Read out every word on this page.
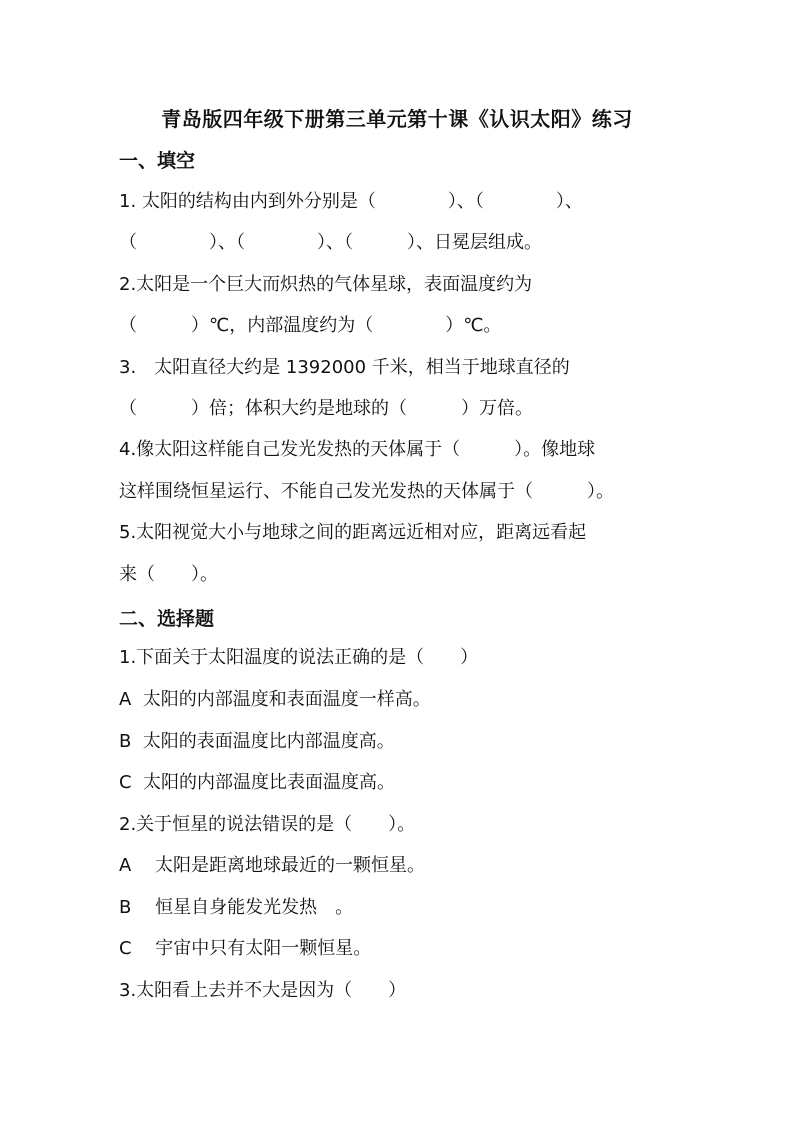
青岛版四年级下册第三单元第十课《认识太阳》练习
一、填空
1. 太阳的结构由内到外分别是（　　　　）、（　　　　）、
（　　　　）、（　　　　）、（　　　）、日冕层组成。
2.太阳是一个巨大而炽热的气体星球，表面温度约为
（　　　）℃，内部温度约为（　　　　）℃。
3.　太阳直径大约是 1392000 千米，相当于地球直径的
（　　　）倍；体积大约是地球的（　　　）万倍。
4.像太阳这样能自己发光发热的天体属于（　　　）。像地球
这样围绕恒星运行、不能自己发光发热的天体属于（　　　）。
5.太阳视觉大小与地球之间的距离远近相对应，距离远看起
来（　　）。
二、选择题
1.下面关于太阳温度的说法正确的是（　　）
A  太阳的内部温度和表面温度一样高。
B  太阳的表面温度比内部温度高。
C  太阳的内部温度比表面温度高。
2.关于恒星的说法错误的是（　　）。
A　 太阳是距离地球最近的一颗恒星。
B　 恒星自身能发光发热　。
C　 宇宙中只有太阳一颗恒星。
3.太阳看上去并不大是因为（　　）
